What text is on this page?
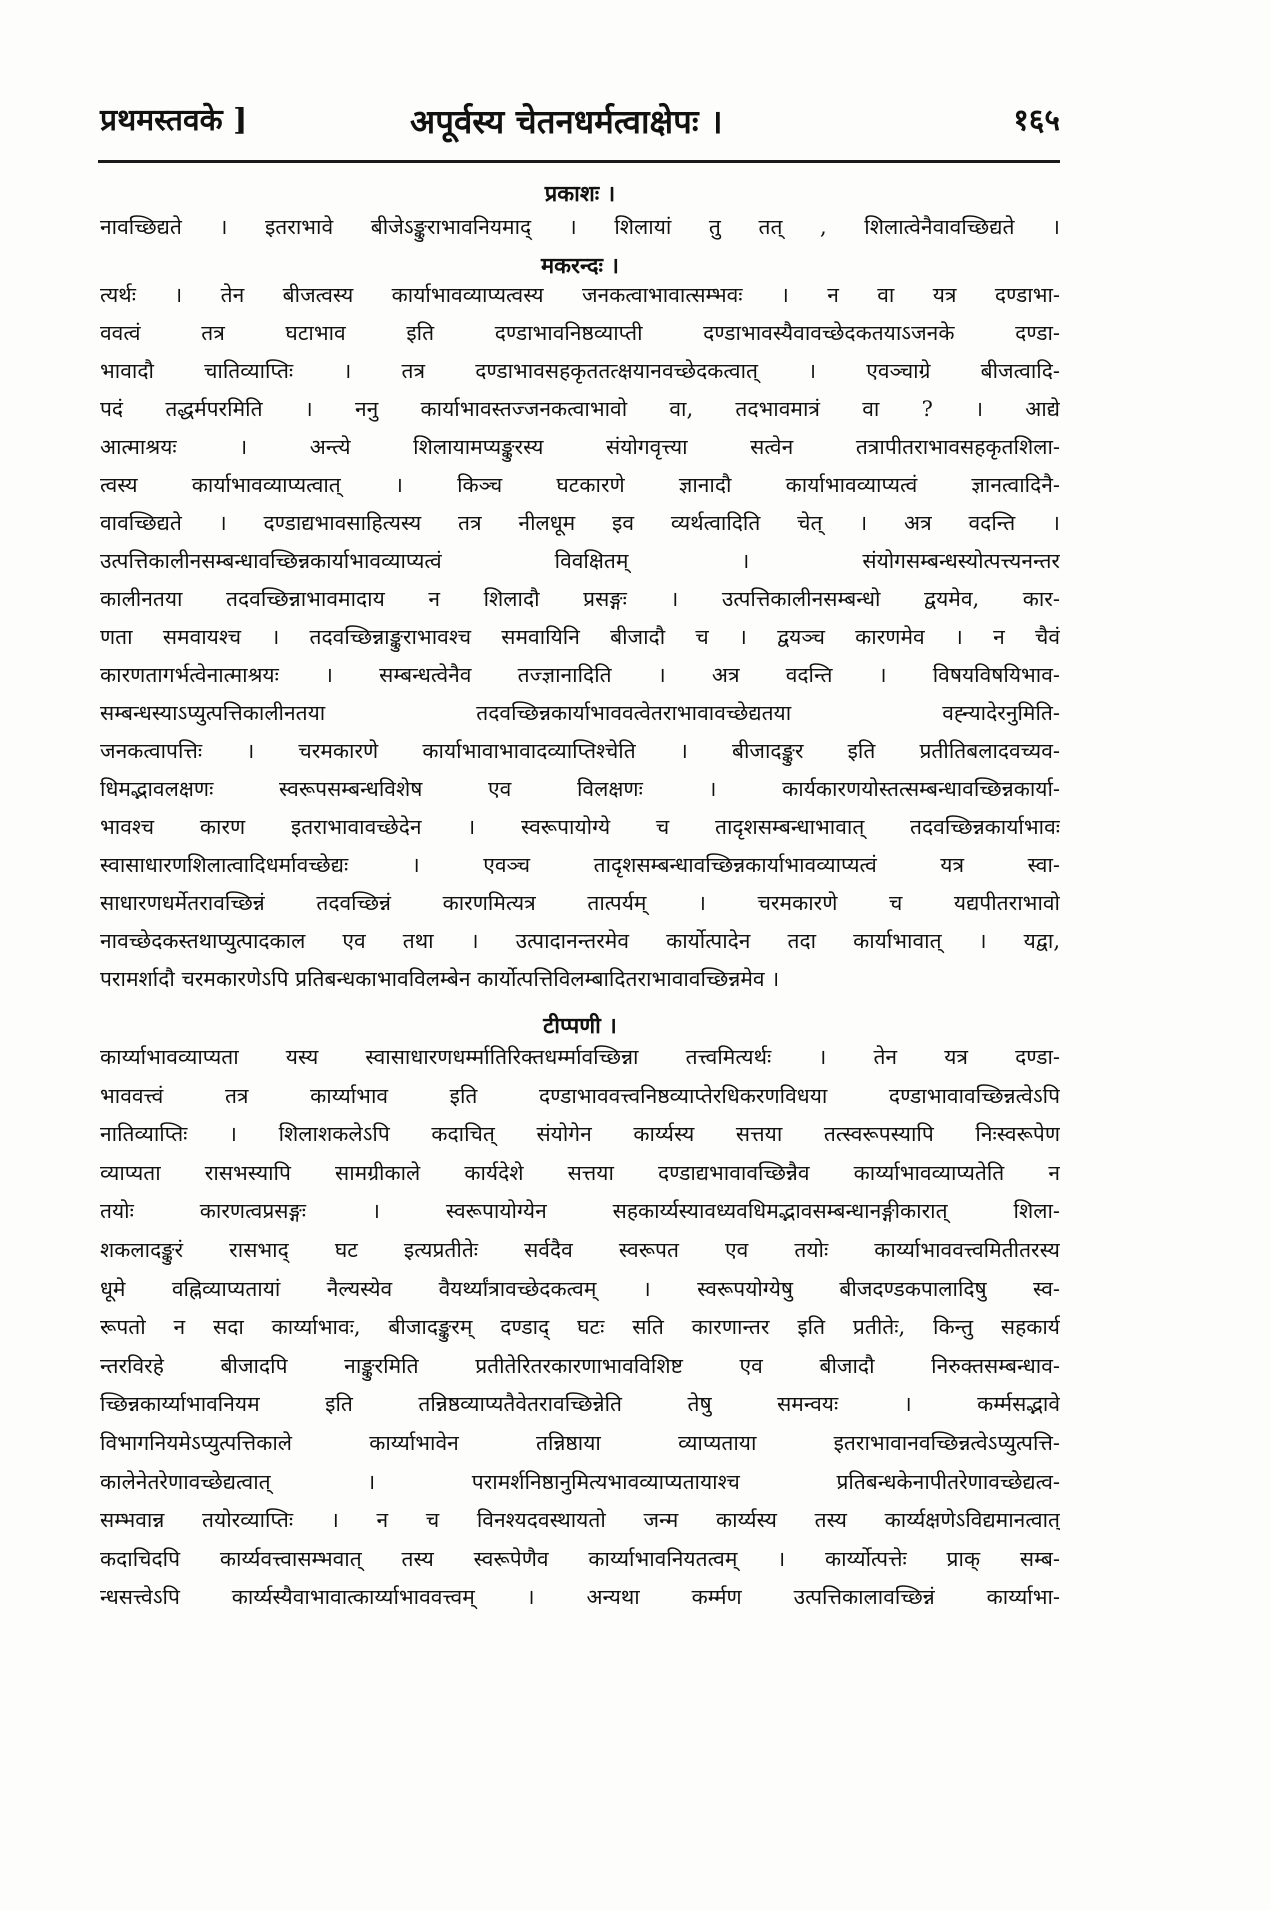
प्रथमस्तवके ]	अपूर्वस्य चेतनधर्मत्वाक्षेपः ।	१६५
प्रकाशः ।
नावच्छिद्यते । इतराभावे बीजेऽङ्कुराभावनियमाद् । शिलायां तु तत् , शिलात्वेनैवावच्छिद्यते ।
मकरन्दः ।
त्यर्थः । तेन बीजत्वस्य कार्याभावव्याप्यत्वस्य जनकत्वाभावात्सम्भवः । न वा यत्र दण्डाभा-
ववत्वं तत्र घटाभाव इति दण्डाभावनिष्ठव्याप्ती दण्डाभावस्यैवावच्छेदकतयाऽजनके दण्डा-
भावादौ चातिव्याप्तिः । तत्र दण्डाभावसहकृततत्क्षयानवच्छेदकत्वात् । एवञ्चाग्रे बीजत्वादि-
पदं तद्धर्मपरमिति । ननु कार्याभावस्तज्जनकत्वाभावो वा, तदभावमात्रं वा ? । आद्ये
आत्माश्रयः । अन्त्ये शिलायामप्यङ्कुरस्य संयोगवृत्त्या सत्वेन तत्रापीतराभावसहकृतशिला-
त्वस्य कार्याभावव्याप्यत्वात् । किञ्च घटकारणे ज्ञानादौ कार्याभावव्याप्यत्वं ज्ञानत्वादिनै-
वावच्छिद्यते । दण्डाद्यभावसाहित्यस्य तत्र नीलधूम इव व्यर्थत्वादिति चेत् । अत्र वदन्ति ।
उत्पत्तिकालीनसम्बन्धावच्छिन्नकार्याभावव्याप्यत्वं विवक्षितम् । संयोगसम्बन्धस्योत्पत्त्यनन्तर
कालीनतया तदवच्छिन्नाभावमादाय न शिलादौ प्रसङ्गः । उत्पत्तिकालीनसम्बन्धो द्वयमेव, कार-
णता समवायश्च । तदवच्छिन्नाङ्कुराभावश्च समवायिनि बीजादौ च । द्वयञ्च कारणमेव । न चैवं
कारणतागर्भत्वेनात्माश्रयः । सम्बन्धत्वेनैव तज्ज्ञानादिति । अत्र वदन्ति । विषयविषयिभाव-
सम्बन्धस्याऽप्युत्पत्तिकालीनतया तदवच्छिन्नकार्याभाववत्वेतराभावावच्छेद्यतया वह्न्यादेरनुमिति-
जनकत्वापत्तिः । चरमकारणे कार्याभावाभावादव्याप्तिश्चेति । बीजादङ्कुर इति प्रतीतिबलादवच्यव-
धिमद्भावलक्षणः स्वरूपसम्बन्धविशेष एव विलक्षणः । कार्यकारणयोस्तत्सम्बन्धावच्छिन्नकार्या-
भावश्च कारण इतराभावावच्छेदेन । स्वरूपायोग्ये च तादृशसम्बन्धाभावात् तदवच्छिन्नकार्याभावः
स्वासाधारणशिलात्वादिधर्मावच्छेद्यः । एवञ्च तादृशसम्बन्धावच्छिन्नकार्याभावव्याप्यत्वं यत्र स्वा-
साधारणधर्मेतरावच्छिन्नं तदवच्छिन्नं कारणमित्यत्र तात्पर्यम् । चरमकारणे च यद्यपीतराभावो
नावच्छेदकस्तथाप्युत्पादकाल एव तथा । उत्पादानन्तरमेव कार्योत्पादेन तदा कार्याभावात् । यद्वा,
परामर्शादौ चरमकारणेऽपि प्रतिबन्धकाभावविलम्बेन कार्योत्पत्तिविलम्बादितराभावावच्छिन्नमेव ।
टीप्पणी ।
कार्य्याभावव्याप्यता यस्य स्वासाधारणधर्म्मातिरिक्तधर्म्मावच्छिन्ना तत्त्वमित्यर्थः । तेन यत्र दण्डा-
भाववत्त्वं तत्र कार्य्याभाव इति दण्डाभाववत्त्वनिष्ठव्याप्तेरधिकरणविधया दण्डाभावावच्छिन्नत्वेऽपि
नातिव्याप्तिः । शिलाशकलेऽपि कदाचित् संयोगेन कार्य्यस्य सत्तया तत्स्वरूपस्यापि निःस्वरूपेण
व्याप्यता रासभस्यापि सामग्रीकाले कार्यदेशे सत्तया दण्डाद्यभावावच्छिन्नैव कार्य्याभावव्याप्यतेति न
तयोः कारणत्वप्रसङ्गः । स्वरूपायोग्येन सहकार्य्यस्यावध्यवधिमद्भावसम्बन्धानङ्गीकारात् शिला-
शकलादङ्कुरं रासभाद् घट इत्यप्रतीतेः सर्वदैव स्वरूपत एव तयोः कार्य्याभाववत्त्वमितीतरस्य
धूमे वह्निव्याप्यतायां नैल्यस्येव वैयर्थ्यांत्रावच्छेदकत्वम् । स्वरूपयोग्येषु बीजदण्डकपालादिषु स्व-
रूपतो न सदा कार्य्याभावः, बीजादङ्कुरम् दण्डाद् घटः सति कारणान्तर इति प्रतीतेः, किन्तु सहकार्य
न्तरविरहे बीजादपि नाङ्कुरमिति प्रतीतेरितरकारणाभावविशिष्ट एव बीजादौ निरुक्तसम्बन्धाव-
च्छिन्नकार्य्याभावनियम इति तन्निष्ठव्याप्यतैवेतरावच्छिन्नेति तेषु समन्वयः । कर्म्मसद्भावे
विभागनियमेऽप्युत्पत्तिकाले कार्य्याभावेन तन्निष्ठाया व्याप्यताया इतराभावानवच्छिन्नत्वेऽप्युत्पत्ति-
कालेनेतरेणावच्छेद्यत्वात् । परामर्शनिष्ठानुमित्यभावव्याप्यतायाश्च प्रतिबन्धकेनापीतरेणावच्छेद्यत्व-
सम्भवान्न तयोरव्याप्तिः । न च विनश्यदवस्थायतो जन्म कार्य्यस्य तस्य कार्य्यक्षणेऽविद्यमानत्वात्
कदाचिदपि कार्य्यवत्त्वासम्भवात् तस्य स्वरूपेणैव कार्य्याभावनियतत्वम् । कार्य्योत्पत्तेः प्राक् सम्ब-
न्धसत्त्वेऽपि कार्य्यस्यैवाभावात्कार्य्याभाववत्त्वम् । अन्यथा कर्म्मण उत्पत्तिकालावच्छिन्नं कार्य्याभा-
